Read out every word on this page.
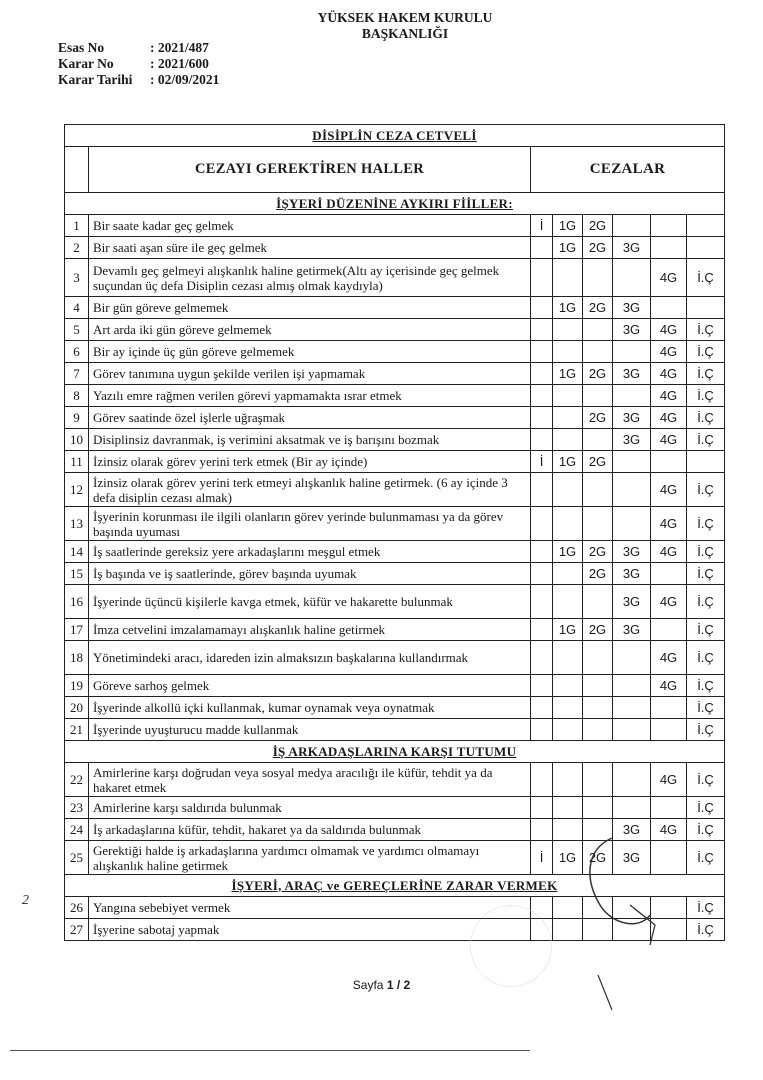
YÜKSEK HAKEM KURULU
BAŞKANLIĞI
Esas No	: 2021/487
Karar No	: 2021/600
Karar Tarihi	: 02/09/2021
DİSİPLİN CEZA CETVELİ							
	CEZAYI GEREKTİREN HALLER	CEZALAR					
İŞYERİ DÜZENİNE AYKIRI FİİLLER:							
1	Bir saate kadar geç gelmek	İ	1G	2G			
2	Bir saati aşan süre ile geç gelmek		1G	2G	3G		
3	Devamlı geç gelmeyi alışkanlık haline getirmek(Altı ay içerisinde geç gelmek suçundan üç defa Disiplin cezası almış olmak kaydıyla)					4G	İ.Ç
4	Bir gün göreve gelmemek		1G	2G	3G		
5	Art arda iki gün göreve gelmemek				3G	4G	İ.Ç
6	Bir ay içinde üç gün göreve gelmemek					4G	İ.Ç
7	Görev tanımına uygun şekilde verilen işi yapmamak		1G	2G	3G	4G	İ.Ç
8	Yazılı emre rağmen verilen görevi yapmamakta ısrar etmek					4G	İ.Ç
9	Görev saatinde özel işlerle uğraşmak			2G	3G	4G	İ.Ç
10	Disiplinsiz davranmak, iş verimini aksatmak ve iş barışını bozmak				3G	4G	İ.Ç
11	İzinsiz olarak görev yerini terk etmek (Bir ay içinde)	İ	1G	2G			
12	İzinsiz olarak görev yerini terk etmeyi alışkanlık haline getirmek. (6 ay içinde 3 defa disiplin cezası almak)					4G	İ.Ç
13	İşyerinin korunması ile ilgili olanların görev yerinde bulunmaması ya da görev başında uyuması					4G	İ.Ç
14	İş saatlerinde gereksiz yere arkadaşlarını meşgul etmek		1G	2G	3G	4G	İ.Ç
15	İş başında ve iş saatlerinde, görev başında uyumak			2G	3G		İ.Ç
16	İşyerinde üçüncü kişilerle kavga etmek, küfür ve hakarette bulunmak				3G	4G	İ.Ç
17	İmza cetvelini imzalamamayı alışkanlık haline getirmek		1G	2G	3G		İ.Ç
18	Yönetimindeki aracı, idareden izin almaksızın başkalarına kullandırmak					4G	İ.Ç
19	Göreve sarhoş gelmek					4G	İ.Ç
20	İşyerinde alkollü içki kullanmak, kumar oynamak veya oynatmak						İ.Ç
21	İşyerinde uyuşturucu madde kullanmak						İ.Ç
İŞ ARKADAŞLARINA KARŞI TUTUMU							
22	Amirlerine karşı doğrudan veya sosyal medya aracılığı ile küfür, tehdit ya da hakaret etmek					4G	İ.Ç
23	Amirlerine karşı saldırıda bulunmak						İ.Ç
24	İş arkadaşlarına küfür, tehdit, hakaret ya da saldırıda bulunmak				3G	4G	İ.Ç
25	Gerektiği halde iş arkadaşlarına yardımcı olmamak ve yardımcı olmamayı alışkanlık haline getirmek	İ	1G	2G	3G		İ.Ç
İŞYERİ, ARAÇ ve GEREÇLERİNE ZARAR VERMEK							
26	Yangına sebebiyet vermek						İ.Ç
27	İşyerine sabotaj yapmak						İ.Ç
2
Sayfa 1 / 2
